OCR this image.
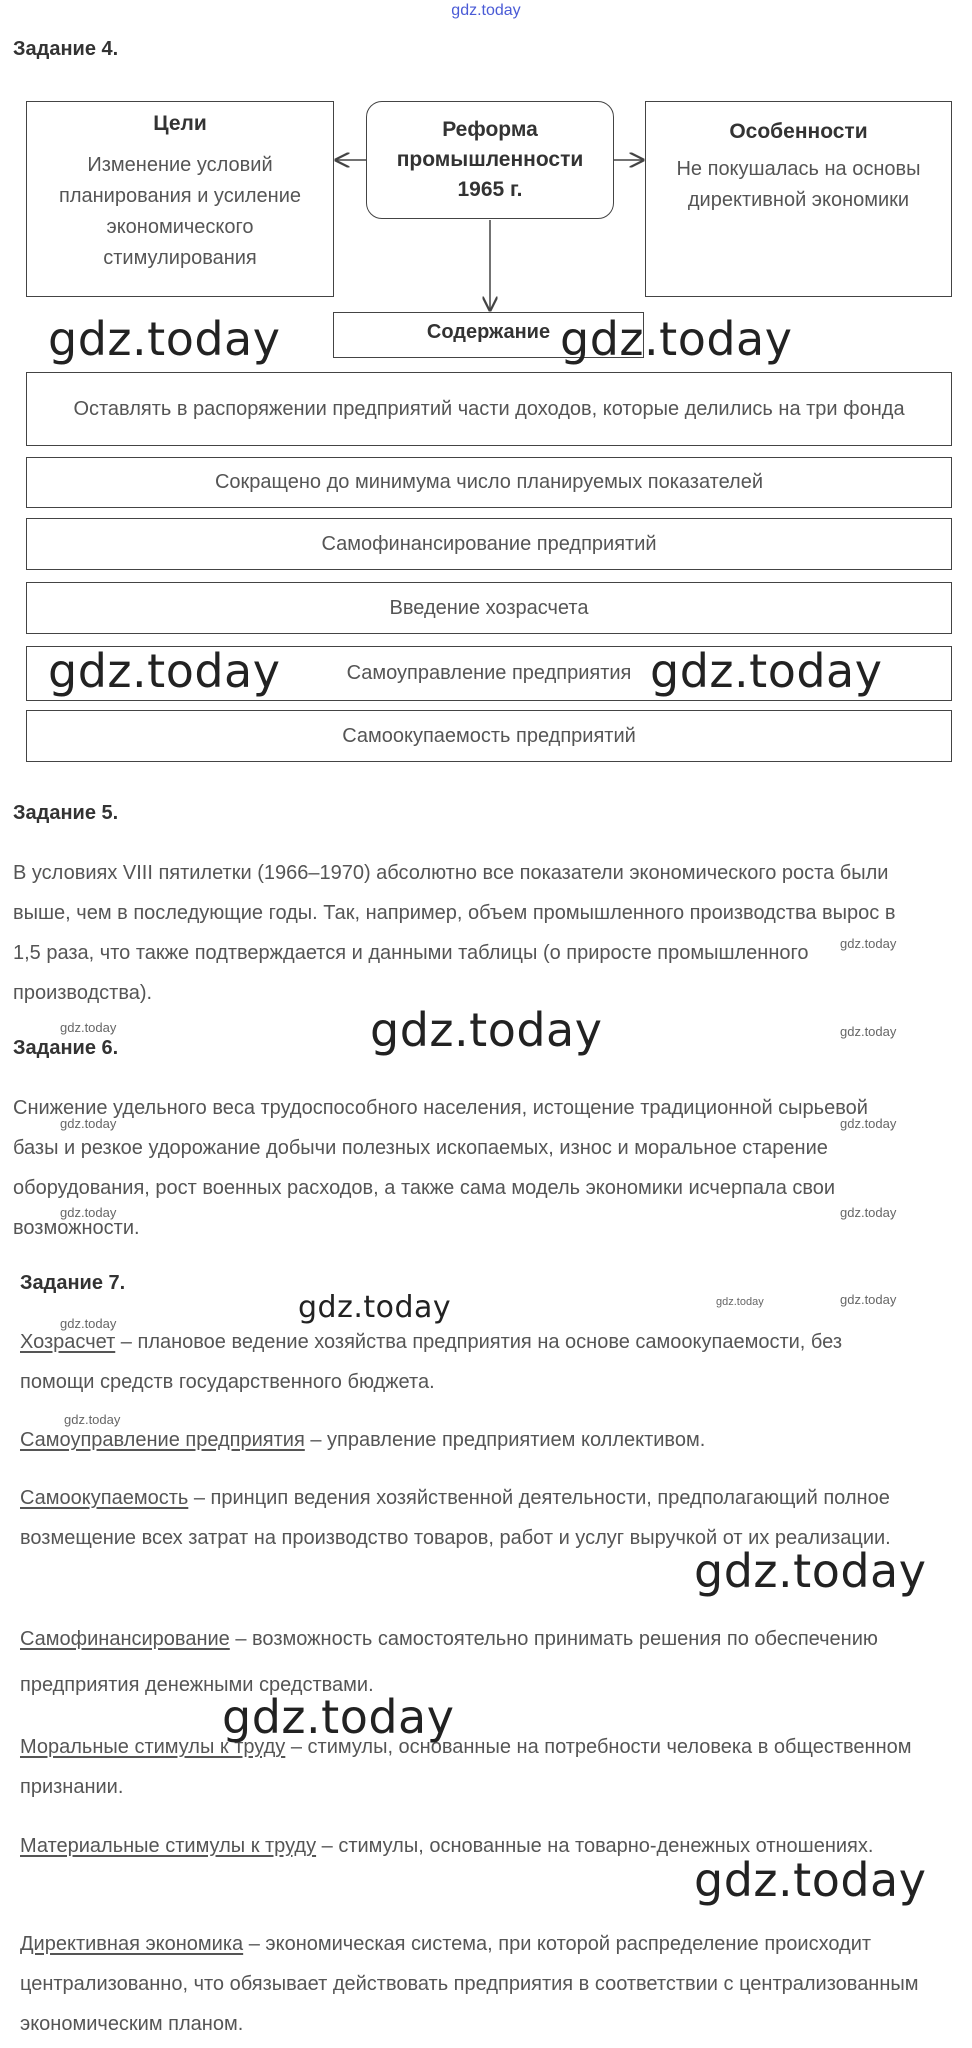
gdz.today
Задание 4.
Цели
Изменение условий планирования и усиление экономического стимулирования
Реформа промышленности 1965 г.
Особенности
Не покушалась на основы директивной экономики
Содержание
Оставлять в распоряжении предприятий части доходов, которые делились на три фонда
Сокращено до минимума число планируемых показателей
Самофинансирование предприятий
Введение хозрасчета
Самоуправление предприятия
Самоокупаемость предприятий
Задание 5.
В условиях VIII пятилетки (1966–1970) абсолютно все показатели экономического роста были выше, чем в последующие годы. Так, например, объем промышленного производства вырос в 1,5 раза, что также подтверждается и данными таблицы (о приросте промышленного производства).
Задание 6.
Снижение удельного веса трудоспособного населения, истощение традиционной сырьевой базы и резкое удорожание добычи полезных ископаемых, износ и моральное старение оборудования, рост военных расходов, а также сама модель экономики исчерпала свои возможности.
Задание 7.
Хозрасчет – плановое ведение хозяйства предприятия на основе самоокупаемости, без помощи средств государственного бюджета.
Самоуправление предприятия – управление предприятием коллективом.
Самоокупаемость – принцип ведения хозяйственной деятельности, предполагающий полное возмещение всех затрат на производство товаров, работ и услуг выручкой от их реализации.
Самофинансирование – возможность самостоятельно принимать решения по обеспечению предприятия денежными средствами.
Моральные стимулы к труду – стимулы, основанные на потребности человека в общественном признании.
Материальные стимулы к труду – стимулы, основанные на товарно-денежных отношениях.
Директивная экономика – экономическая система, при которой распределение происходит централизованно, что обязывает действовать предприятия в соответствии с централизованным экономическим планом.
gdz.today	gdz.today
gdz.today	gdz.today
gdz.today
gdz.today
gdz.today
gdz.today
gdz.today
gdz.today
gdz.today	gdz.today
gdz.today	gdz.today
gdz.today	gdz.today
gdz.today
gdz.today	gdz.today
gdz.today
